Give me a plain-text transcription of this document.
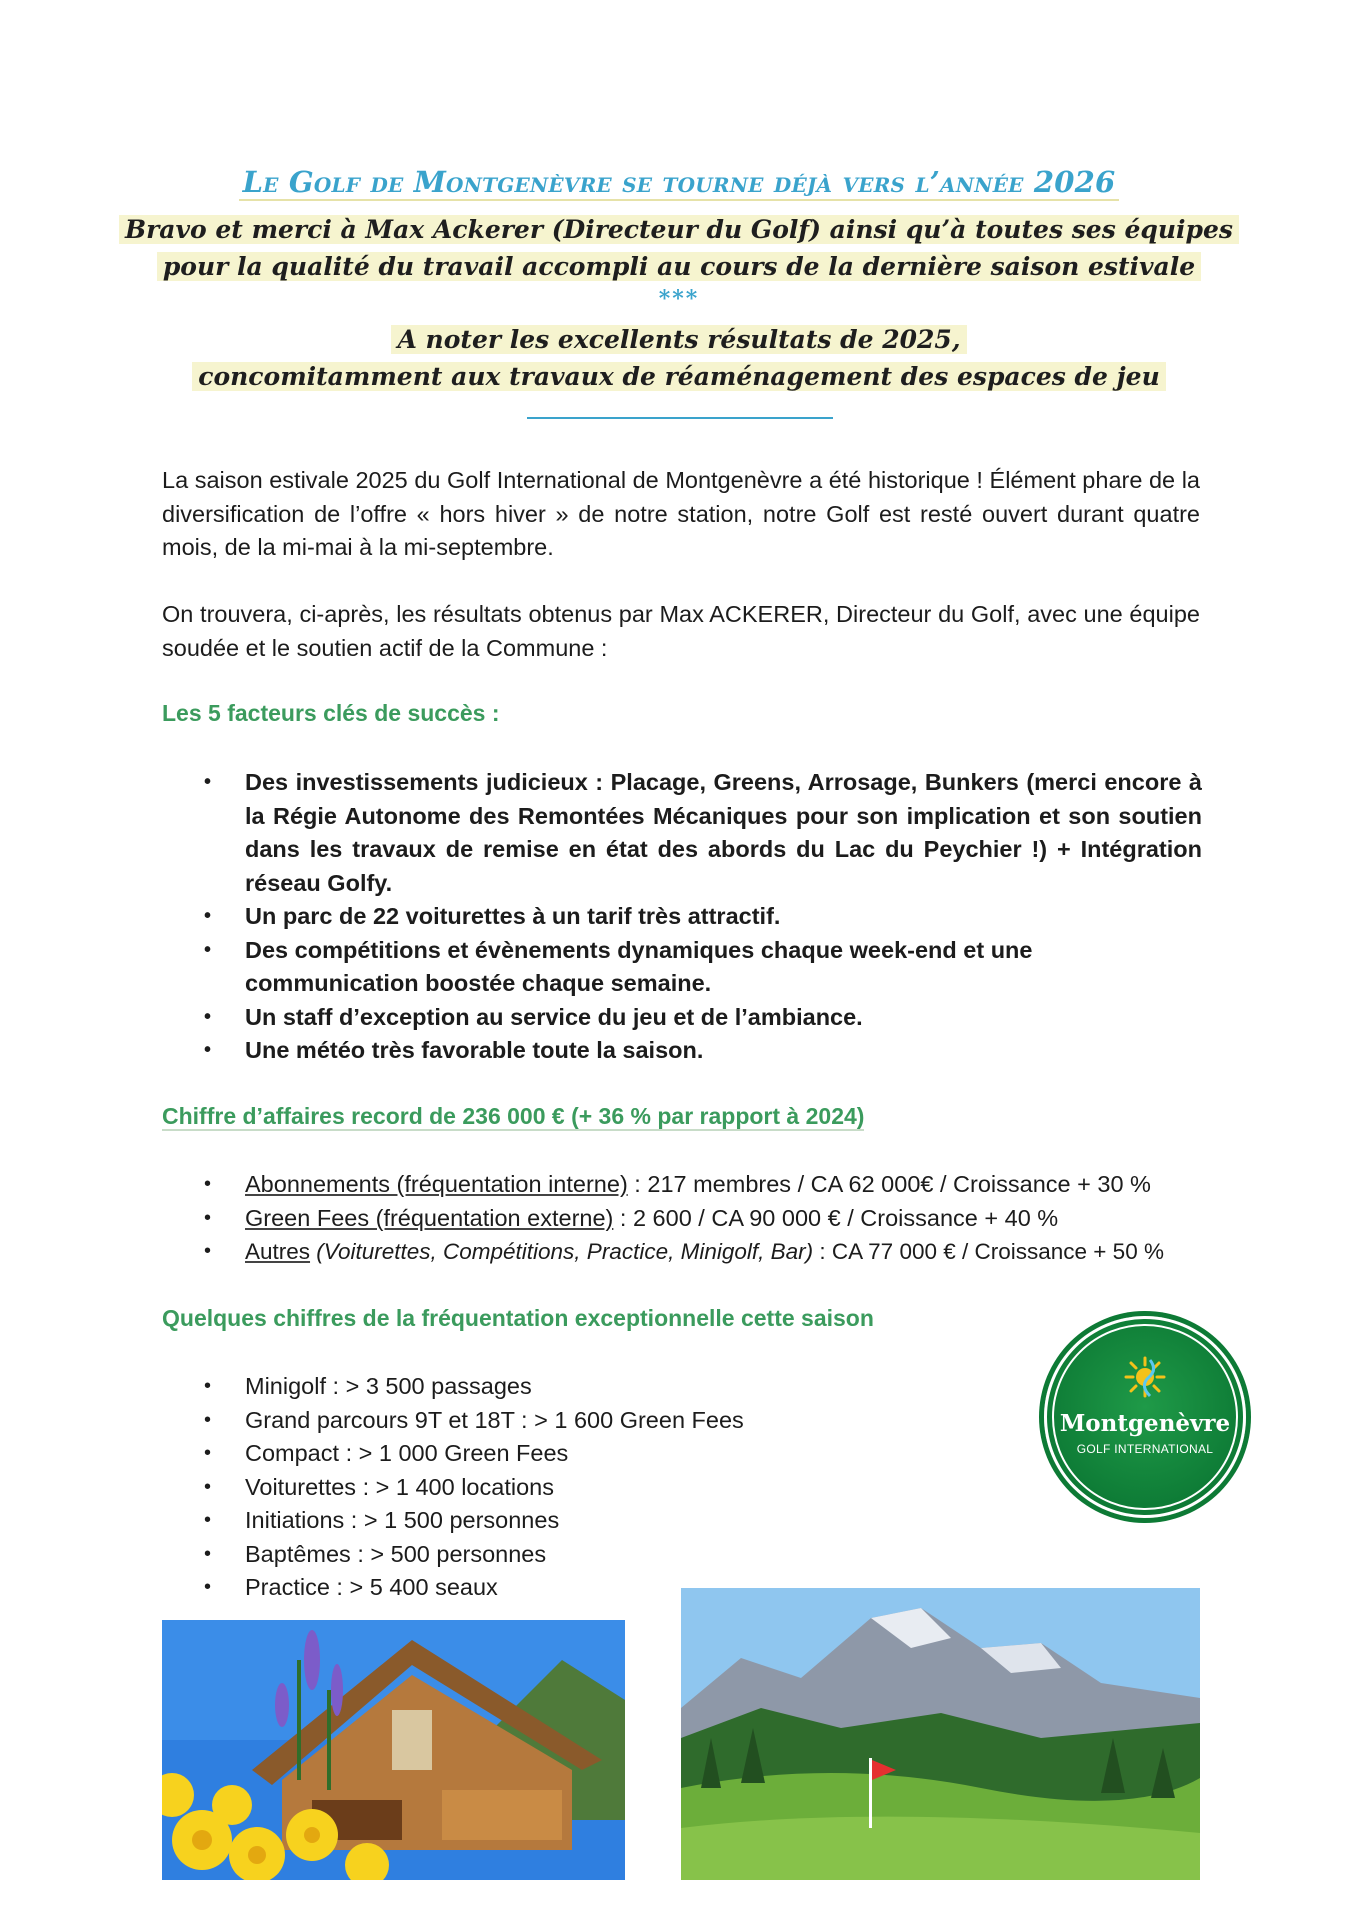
Le Golf de Montgenèvre se tourne déjà vers l’année 2026
Bravo et merci à Max Ackerer (Directeur du Golf) ainsi qu’à toutes ses équipes
pour la qualité du travail accompli au cours de la dernière saison estivale
***
A noter les excellents résultats de 2025,
concomitamment aux travaux de réaménagement des espaces de jeu
La saison estivale 2025 du Golf International de Montgenèvre a été historique ! Élément phare de la diversification de l’offre « hors hiver » de notre station, notre Golf est resté ouvert durant quatre mois, de la mi-mai à la mi-septembre.
On trouvera, ci-après, les résultats obtenus par Max ACKERER, Directeur du Golf, avec une équipe soudée et le soutien actif de la Commune :
Les 5 facteurs clés de succès :
• Des investissements judicieux : Placage, Greens, Arrosage, Bunkers (merci encore à la Régie Autonome des Remontées Mécaniques pour son implication et son soutien dans les travaux de remise en état des abords du Lac du Peychier !) + Intégration réseau Golfy.
• Un parc de 22 voiturettes à un tarif très attractif.
• Des compétitions et évènements dynamiques chaque week-end et une communication boostée chaque semaine.
• Un staff d’exception au service du jeu et de l’ambiance.
• Une météo très favorable toute la saison.
Chiffre d’affaires record de 236 000 € (+ 36 % par rapport à 2024)
• Abonnements (fréquentation interne) : 217 membres / CA 62 000€ / Croissance + 30 %
• Green Fees (fréquentation externe) : 2 600 / CA 90 000 € / Croissance + 40 %
• Autres (Voiturettes, Compétitions, Practice, Minigolf, Bar) : CA 77 000 € / Croissance + 50 %
Quelques chiffres de la fréquentation exceptionnelle cette saison
• Minigolf : > 3 500 passages
• Grand parcours 9T et 18T : > 1 600 Green Fees
• Compact : > 1 000 Green Fees
• Voiturettes : > 1 400 locations
• Initiations : > 1 500 personnes
• Baptêmes : > 500 personnes
• Practice : > 5 400 seaux
Montgenèvre
GOLF INTERNATIONAL
